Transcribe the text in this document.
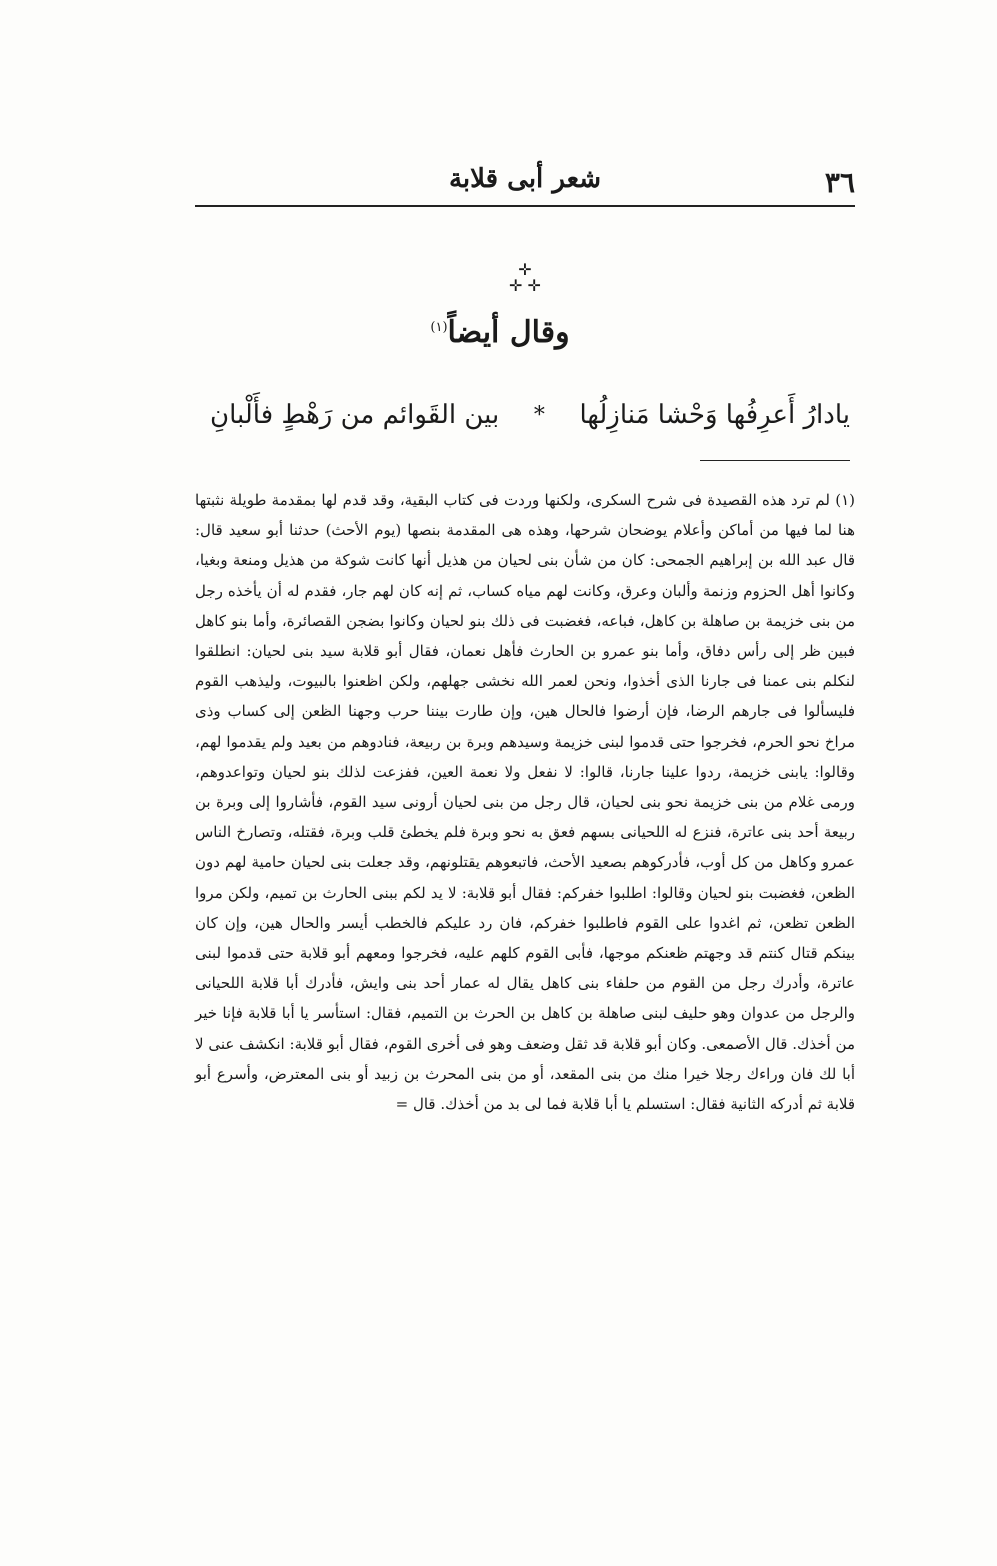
٣٦
شعر أبى قلابة
✛
✛ ✛
وقال أيضاً$^{(١)}$
يادارُ أَعرِفُها وَحْشا مَنازِلُها
*
بين القَوائم من رَهْطٍ فأَلْبانِ

(١) لم ترد هذه القصيدة فى شرح السكرى، ولكنها وردت فى كتاب البقية، وقد قدم لها بمقدمة طويلة نثبتها هنا لما فيها من أماكن وأعلام يوضحان شرحها، وهذه هى المقدمة بنصها (يوم الأحث) حدثنا أبو سعيد قال: قال عبد الله بن إبراهيم الجمحى: كان من شأن بنى لحيان من هذيل أنها كانت شوكة من هذيل ومنعة وبغيا، وكانوا أهل الحزوم وزنمة وألبان وعرق، وكانت لهم مياه كساب، ثم إنه كان لهم جار، فقدم له أن يأخذه رجل من بنى خزيمة بن صاهلة بن كاهل، فباعه، فغضبت فى ذلك بنو لحيان وكانوا بضجن القصائرة، وأما بنو كاهل فبين ظر إلى رأس دفاق، وأما بنو عمرو بن الحارث فأهل نعمان، فقال أبو قلابة سيد بنى لحيان: انطلقوا لنكلم بنى عمنا فى جارنا الذى أخذوا، ونحن لعمر الله نخشى جهلهم، ولكن اظعنوا بالبيوت، وليذهب القوم فليسألوا فى جارهم الرضا، فإن أرضوا فالحال هين، وإن طارت بيننا حرب وجهنا الظعن إلى كساب وذى مراخ نحو الحرم، فخرجوا حتى قدموا لبنى خزيمة وسيدهم وبرة بن ربيعة، فنادوهم من بعيد ولم يقدموا لهم، وقالوا: يابنى خزيمة، ردوا علينا جارنا، قالوا: لا نفعل ولا نعمة العين، ففزعت لذلك بنو لحيان وتواعدوهم، ورمى غلام من بنى خزيمة نحو بنى لحيان، قال رجل من بنى لحيان أرونى سيد القوم، فأشاروا إلى وبرة بن ربيعة أحد بنى عاترة، فنزع له اللحيانى بسهم فعق به نحو وبرة فلم يخطئ قلب وبرة، فقتله، وتصارخ الناس عمرو وكاهل من كل أوب، فأدركوهم بصعيد الأحث، فاتبعوهم يقتلونهم، وقد جعلت بنى لحيان حامية لهم دون الظعن، فغضبت بنو لحيان وقالوا: اطلبوا خفركم: فقال أبو قلابة: لا يد لكم ببنى الحارث بن تميم، ولكن مروا الظعن تظعن، ثم اغدوا على القوم فاطلبوا خفركم، فان رد عليكم فالخطب أيسر والحال هين، وإن كان بينكم قتال كنتم قد وجهتم ظعنكم موجها، فأبى القوم كلهم عليه، فخرجوا ومعهم أبو قلابة حتى قدموا لبنى عاترة، وأدرك رجل من القوم من حلفاء بنى كاهل يقال له عمار أحد بنى وايش، فأدرك أبا قلابة اللحيانى والرجل من عدوان وهو حليف لبنى صاهلة بن كاهل بن الحرث بن التميم، فقال: استأسر يا أبا قلابة فإنا خير من أخذك. قال الأصمعى. وكان أبو قلابة قد ثقل وضعف وهو فى أخرى القوم، فقال أبو قلابة: انكشف عنى لا أبا لك فان وراءك رجلا خيرا منك من بنى المقعد، أو من بنى المحرث بن زبيد أو بنى المعترض، وأسرع أبو قلابة ثم أدركه الثانية فقال: استسلم يا أبا قلابة فما لى بد من أخذك. قال =
